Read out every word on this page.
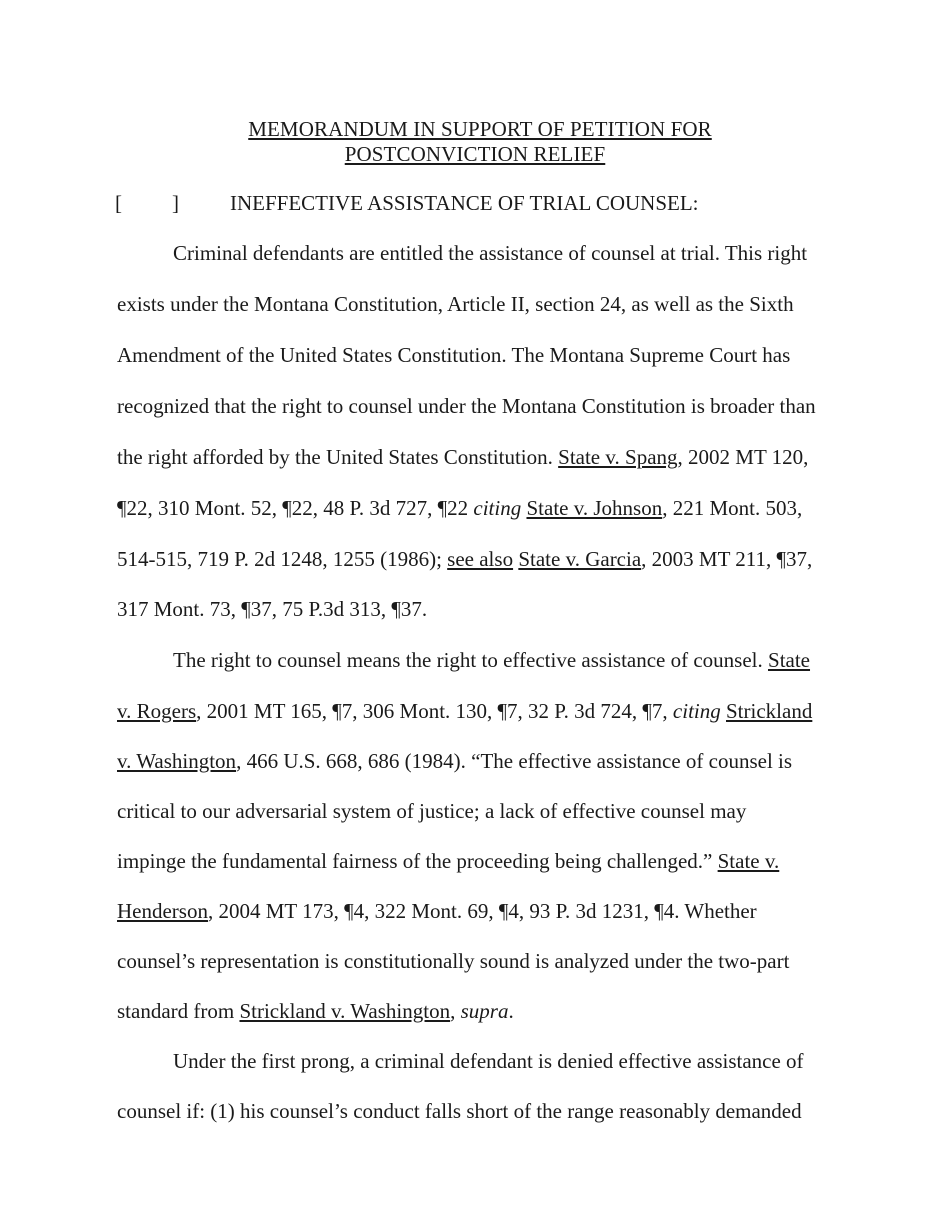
MEMORANDUM IN SUPPORT OF PETITION FOR
POSTCONVICTION RELIEF
[ ] INEFFECTIVE ASSISTANCE OF TRIAL COUNSEL:
Criminal defendants are entitled the assistance of counsel at trial. This right
exists under the Montana Constitution, Article II, section 24, as well as the Sixth
Amendment of the United States Constitution. The Montana Supreme Court has
recognized that the right to counsel under the Montana Constitution is broader than
the right afforded by the United States Constitution. State v. Spang, 2002 MT 120,
¶22, 310 Mont. 52, ¶22, 48 P. 3d 727, ¶22 citing State v. Johnson, 221 Mont. 503,
514-515, 719 P. 2d 1248, 1255 (1986); see also State v. Garcia, 2003 MT 211, ¶37,
317 Mont. 73, ¶37, 75 P.3d 313, ¶37.
The right to counsel means the right to effective assistance of counsel. State
v. Rogers, 2001 MT 165, ¶7, 306 Mont. 130, ¶7, 32 P. 3d 724, ¶7, citing Strickland
v. Washington, 466 U.S. 668, 686 (1984). “The effective assistance of counsel is
critical to our adversarial system of justice; a lack of effective counsel may
impinge the fundamental fairness of the proceeding being challenged.” State v.
Henderson, 2004 MT 173, ¶4, 322 Mont. 69, ¶4, 93 P. 3d 1231, ¶4. Whether
counsel’s representation is constitutionally sound is analyzed under the two-part
standard from Strickland v. Washington, supra.
Under the first prong, a criminal defendant is denied effective assistance of
counsel if: (1) his counsel’s conduct falls short of the range reasonably demanded
